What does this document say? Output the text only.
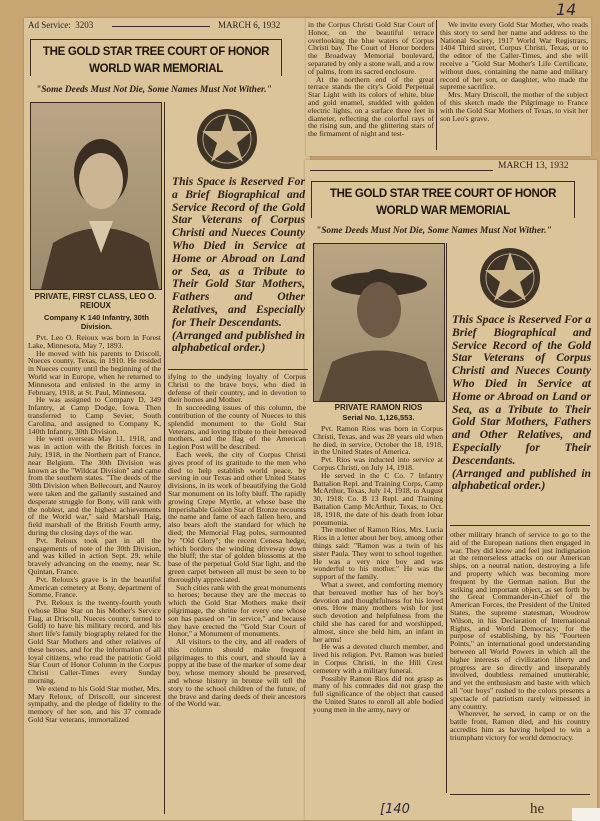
14
Ad Service:  3203	MARCH 6, 1932
THE GOLD STAR TREE COURT OF HONOR
WORLD WAR MEMORIAL
"Some Deeds Must Not Die, Some Names Must Not Wither."
PRIVATE, FIRST CLASS, LEO O. REIOUX
Company K 140 Infantry, 30th Division.

This Space is Reserved For a Brief Biographical and Service Record of the Gold Star Veterans of Corpus Christi and Nueces County Who Died in Service at Home or Abroad on Land or Sea, as a Tribute to Their Gold Star Mothers, Fathers and Other Relatives, and Especially for Their Descendants.

(Arranged and published in alphabetical order.)

Pvt. Leo O. Reioux was born in Forest Lake, Minnesota, May 7, 1893.

He moved with his parents to Driscoll, Nueces county, Texas, in 1910. He resided in Nueces county until the beginning of the World war in Europe, when he returned to Minnesota and enlisted in the army in February, 1918, at St. Paul, Minnesota.

He was assigned to Company D, 349 Infantry, at Camp Dodge, Iowa. Then transferred to Camp Sevier, South Carolina, and assigned to Company K, 140th Infantry, 30th Division.

He went overseas May 11, 1918, and was in action with the British forces in July, 1918, in the Northern part of France, near Belgium. The 30th Division was known as the "Wildcat Division" and came from the southern states. "The deeds of the 30th Division when Bellecourt, and Nauroy were taken and the gallantly sustained and desperate struggle for Bony, will rank with the noblest, and the highest achievements of the World war," said Marshall Haig, field marshall of the British Fourth army, during the closing days of the war.

Pvt. Reloux took part in all the engagements of note of the 30th Division, and was killed in action Sept. 29, while bravely advancing on the enemy, near St. Quintan, France.

Pvt. Reloux's grave is in the beautiful American cemetery at Bony, department of Somme, France.

Pvt. Reloux is the twenty-fourth youth (whose Blue Star on his Mother's Service Flag, at Driscoll, Nueces county, turned to Gold) to have his military record, and his short life's family biography related for the Gold Star Mothers and other relatives of these heroes, and for the information of all loyal citizens, who read the patriotic Gold Star Court of Honor Column in the Corpus Christi Caller-Times every Sunday morning.

We extend to his Gold Star mother, Mrs. Mary Reloux, of Driscoll, our sincerest sympathy, and the pledge of fidelity to the memory of her son, and his 37 comrade Gold Star veterans, immortalized

ifying to the undying loyalty of Corpus Christi to the brave boys, who died in defense of their country, and in devotion to their homes and Mother.

In succeeding issues of this column, the contribution of the county of Nueces to this splendid monument to the Gold Star Veterans, and loving tribute to their bereaved mothers, and the flag of the American Legion Post will be described.

Each week, the city of Corpus Christi gives proof of its gratitude to the men who died to help establish world peace, by serving in our Texas and other United States divisions, in its work of beautifying the Gold Star monument on its lofty bluff. The rapidly growing Crepe Myrtle, at whose base the Imperishable Golden Star of Bronze recounts the name and fame of each fallen hero, and also bears aloft the standard for which he died; the Memorial Flag poles, surmounted by "Old Glory"; the recent Cenesa hedge, which borders the winding driveway down the bluff; the star of golden blossoms at the base of the perpetual Gold Star light, and the green carpet between all must be seen to be thoroughly appreciated.

Such cities rank with the great monuments to heroes; because they are the meccas to which the Gold Star Mothers make their pilgrimage, the shrine for every one whose son has passed on "in service," and because they have erected the "Gold Star Court of Honor," a Monument of monuments.

All visitors to the city, and all readers of this column should make frequent pilgrimages to this court, and should lay a poppy at the base of the marker of some dear boy, whose memory should be preserved, and whose history in bronze will tell the story to the school children of the future, of the brave and daring deeds of their ancestors of the World war.

in the Corpus Christi Gold Star Court of Honor, on the beautiful terrace overlooking the blue waters of Corpus Christi bay. The Court of Honor borders the Broadway Memorial boulevard, separated by only a stone wall, and a row of palms, from its sacred enclosure.

At the northern end of the great terrace stands the city's Gold Perpetual Star Light with its colors of white, blue and gold enamel, studded with golden electric lights, on a surface three feet in diameter, reflecting the colorful rays of the rising sun, and the glittering stars of the firmament of night and test-

We invite every Gold Star Mother, who reads this story to send her name and address to the National Society, 1917 World War Registrars, 1404 Third street, Corpus Christi, Texas, or to the editor of the Caller-Times, and she will receive a "Gold Star Mother's Life Certificate, without dues, containing the name and military record of her son, or daughter, who made the supreme sacrifice.

Mrs. Mary Driscoll, the mother of the subject of this sketch made the Pilgrimage to France with the Gold Star Mothers of Texas, to visit her son Leo's grave.

MARCH 13, 1932
THE GOLD STAR TREE COURT OF HONOR
WORLD WAR MEMORIAL
"Some Deeds Must Not Die, Some Names Must Not Wither."
PRIVATE RAMON RIOS
Serial No. 1,126,553.

This Space is Reserved For a Brief Biographical and Service Record of the Gold Star Veterans of Corpus Christi and Nueces County Who Died in Service at Home or Abroad on Land or Sea, as a Tribute to Their Gold Star Mothers, Fathers and Other Relatives, and Especially for Their Descendants.

(Arranged and published in alphabetical order.)

Pvt. Ramon Rios was born in Corpus Christi, Texas, and was 28 years old when he died, in service, October the 18, 1918, in the United States of America.

Pvt. Rios was inducted into service at Corpus Christi, on July 14, 1918.

He served in the C Co. 7 Infantry Battalion Repl. and Training Corps, Camp McArthur, Texas, July 14, 1918, to August 30, 1918; Co. B 13 Repl. and Training Battalion Camp McArthur, Texas, to Oct. 18, 1918, the date of his death from lobar pneumonia.

The mother of Ramon Rios, Mrs. Lucia Rios in a letter about her boy, among other things said: "Ramon was a twin of his sister Paula. They went to school together. He was a very nice boy and was wonderful to his mother." He was the support of the family.

What a sweet, and comforting memory that bereaved mother has of her boy's devotion and thoughtfulness for his loved ones. How many mothers wish for just such devotion and helpfulness from the child she has cared for and worshipped, almost, since she held him, an infant in her arms!

He was a devoted church member, and lived his religion. Pvt. Ramon was buried in Corpus Christi, in the Hill Crest cemetery with a military funeral.

Possibly Ramon Rios did not grasp as many of his comrades did not grasp the full significance of the object that caused the United States to enroll all able bodied young men in the army, navy or

other military branch of service to go to the aid of the European nations then engaged in war. They did know and feel just indignation at the remorseless attacks on our American ships, on a neutral nation, destroying a life and property which was becoming more frequent by the German nation. But the striking and important object, as set forth by the Great Commander-in-Chief of the American Forces, the President of the United States, the supreme statesman, Woodrow Wilson, in his Declaration of International Rights, and World Democracy; for the purpose of establishing, by his "Fourteen Points," an international good understanding between all World Powers in which all the higher interests of civilization liberty and progress are so directly and inseparably involved, doubtless remained unutterable; and yet the enthusiasm and haste with which all "our boys" rushed to the colors presents a spectacle of patriotism rarely witnessed in any country.

Wherever, he served, in camp or on the battle front, Ramon died, and his country accredits him as having helped to win a triumphant victory for world democracy.

[140	he
